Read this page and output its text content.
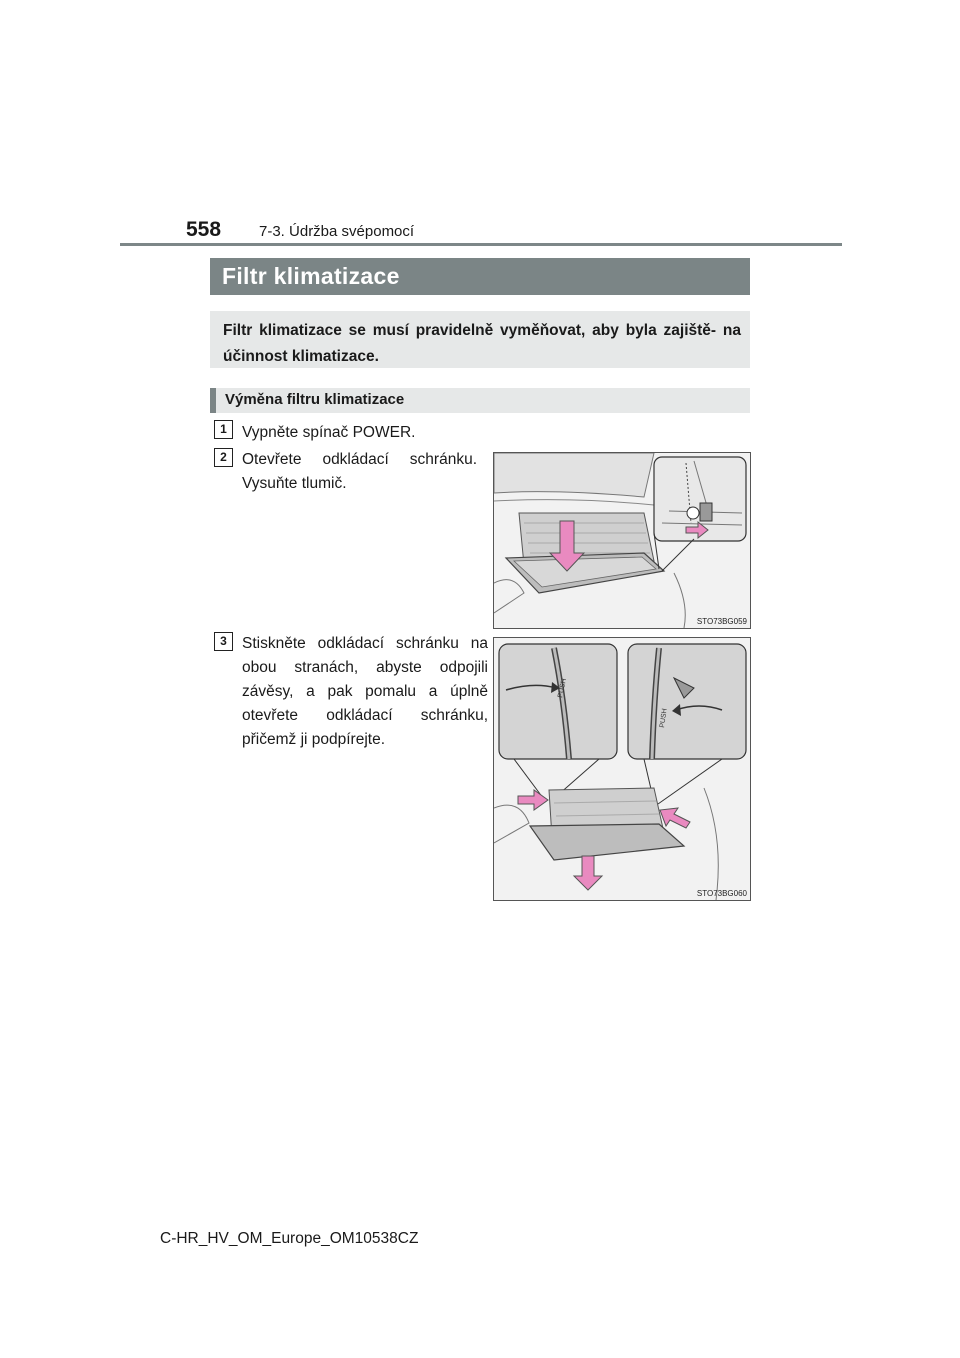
558	7-3. Údržba svépomocí
Filtr klimatizace
Filtr klimatizace se musí pravidelně vyměňovat, aby byla zajiště- na účinnost klimatizace.
Výměna filtru klimatizace
1 Vypněte spínač POWER.
2 Otevřete odkládací schránku. Vysuňte tlumič.
STO73BG059
3 Stiskněte odkládací schránku na obou stranách, abyste odpojili závěsy, a pak pomalu a úplně otevřete odkládací schránku, přičemž ji podpírejte.
PUSH
PUSH
STO73BG060
C-HR_HV_OM_Europe_OM10538CZ
